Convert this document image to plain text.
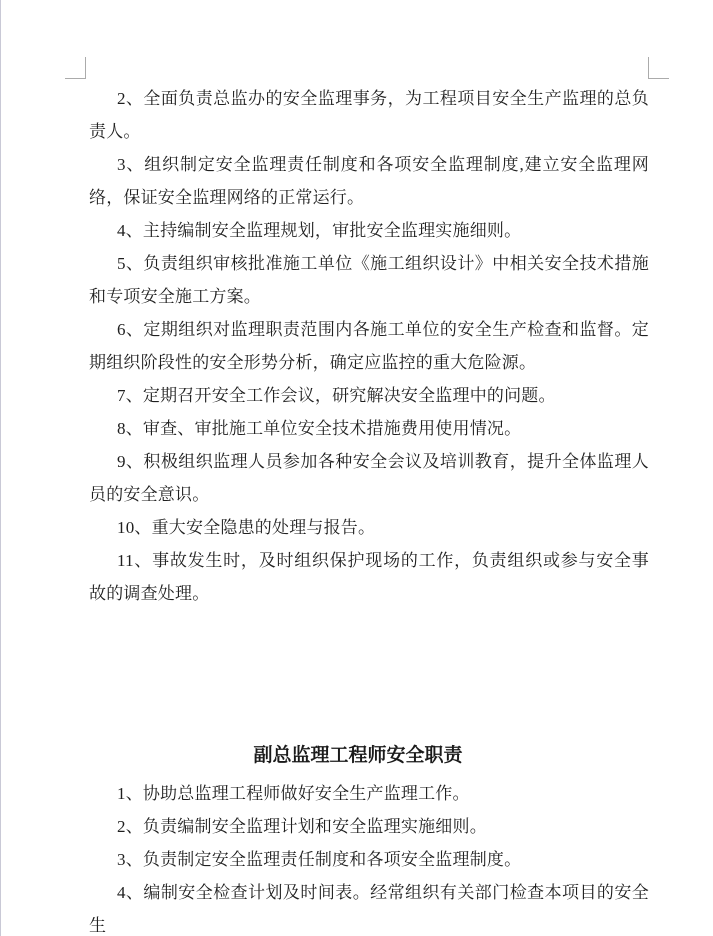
2、全面负责总监办的安全监理事务，为工程项目安全生产监理的总负责人。

3、组织制定安全监理责任制度和各项安全监理制度,建立安全监理网络，保证安全监理网络的正常运行。

4、主持编制安全监理规划，审批安全监理实施细则。

5、负责组织审核批准施工单位《施工组织设计》中相关安全技术措施和专项安全施工方案。

6、定期组织对监理职责范围内各施工单位的安全生产检查和监督。定期组织阶段性的安全形势分析，确定应监控的重大危险源。

7、定期召开安全工作会议，研究解决安全监理中的问题。

8、审查、审批施工单位安全技术措施费用使用情况。

9、积极组织监理人员参加各种安全会议及培训教育，提升全体监理人员的安全意识。

10、重大安全隐患的处理与报告。

11、事故发生时，及时组织保护现场的工作，负责组织或参与安全事故的调查处理。

副总监理工程师安全职责

1、协助总监理工程师做好安全生产监理工作。

2、负责编制安全监理计划和安全监理实施细则。

3、负责制定安全监理责任制度和各项安全监理制度。

4、编制安全检查计划及时间表。经常组织有关部门检查本项目的安全生
